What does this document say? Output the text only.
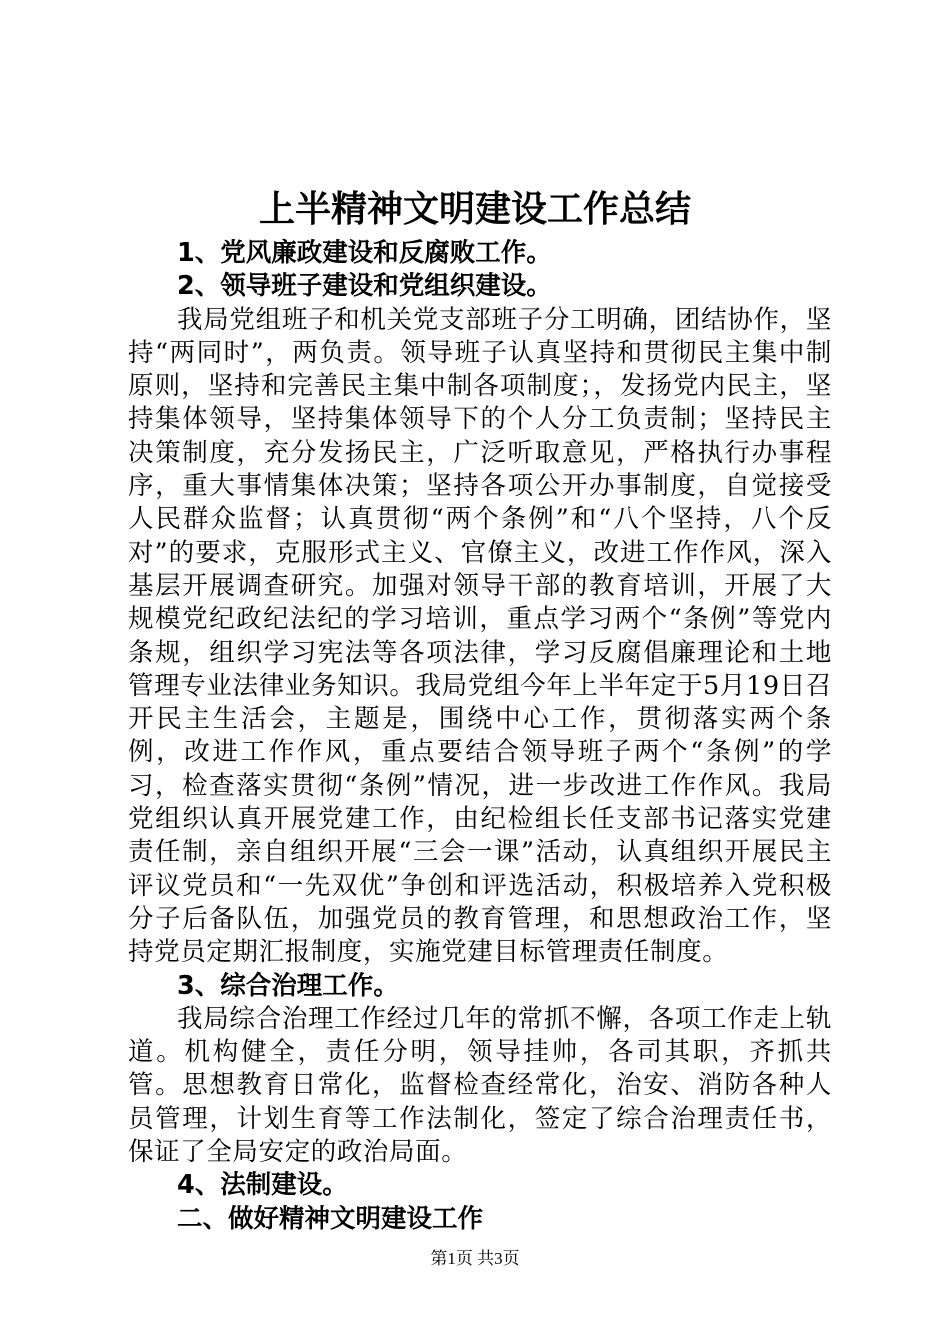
上半精神文明建设工作总结

1、党风廉政建设和反腐败工作。

2、领导班子建设和党组织建设。

我局党组班子和机关党支部班子分工明确，团结协作，坚持“两同时”，两负责。领导班子认真坚持和贯彻民主集中制原则，坚持和完善民主集中制各项制度；，发扬党内民主，坚持集体领导，坚持集体领导下的个人分工负责制；坚持民主决策制度，充分发扬民主，广泛听取意见，严格执行办事程序，重大事情集体决策；坚持各项公开办事制度，自觉接受人民群众监督；认真贯彻“两个条例”和“八个坚持，八个反对”的要求，克服形式主义、官僚主义，改进工作作风，深入基层开展调查研究。加强对领导干部的教育培训，开展了大规模党纪政纪法纪的学习培训，重点学习两个“条例”等党内条规，组织学习宪法等各项法律，学习反腐倡廉理论和土地管理专业法律业务知识。我局党组今年上半年定于5月19日召开民主生活会，主题是，围绕中心工作，贯彻落实两个条例，改进工作作风，重点要结合领导班子两个“条例”的学习，检查落实贯彻“条例”情况，进一步改进工作作风。我局党组织认真开展党建工作，由纪检组长任支部书记落实党建责任制，亲自组织开展“三会一课”活动，认真组织开展民主评议党员和“一先双优”争创和评选活动，积极培养入党积极分子后备队伍，加强党员的教育管理，和思想政治工作，坚持党员定期汇报制度，实施党建目标管理责任制度。

3、综合治理工作。

我局综合治理工作经过几年的常抓不懈，各项工作走上轨道。机构健全，责任分明，领导挂帅，各司其职，齐抓共管。思想教育日常化，监督检查经常化，治安、消防各种人员管理，计划生育等工作法制化，签定了综合治理责任书，保证了全局安定的政治局面。

4、法制建设。

二、做好精神文明建设工作

第1页 共3页
